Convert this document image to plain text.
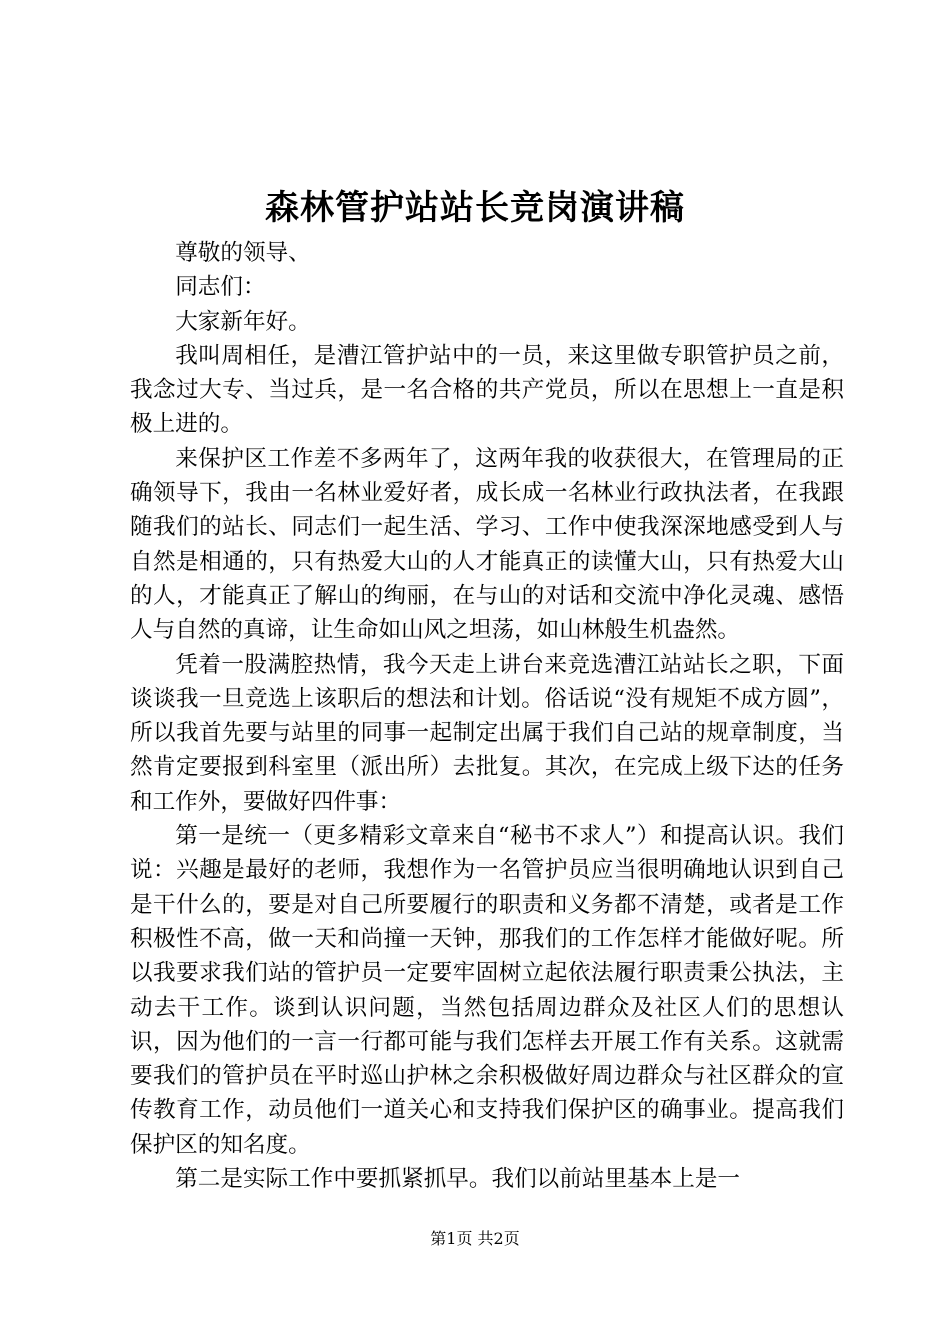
森林管护站站长竞岗演讲稿

尊敬的领导、

同志们：

大家新年好。

我叫周相任，是漕江管护站中的一员，来这里做专职管护员之前，我念过大专、当过兵，是一名合格的共产党员，所以在思想上一直是积极上进的。

来保护区工作差不多两年了，这两年我的收获很大，在管理局的正确领导下，我由一名林业爱好者，成长成一名林业行政执法者，在我跟随我们的站长、同志们一起生活、学习、工作中使我深深地感受到人与自然是相通的，只有热爱大山的人才能真正的读懂大山，只有热爱大山的人，才能真正了解山的绚丽，在与山的对话和交流中净化灵魂、感悟人与自然的真谛，让生命如山风之坦荡，如山林般生机盎然。

凭着一股满腔热情，我今天走上讲台来竞选漕江站站长之职，下面谈谈我一旦竞选上该职后的想法和计划。俗话说“没有规矩不成方圆”，所以我首先要与站里的同事一起制定出属于我们自己站的规章制度，当然肯定要报到科室里（派出所）去批复。其次，在完成上级下达的任务和工作外，要做好四件事：

第一是统一（更多精彩文章来自“秘书不求人”）和提高认识。我们说：兴趣是最好的老师，我想作为一名管护员应当很明确地认识到自己是干什么的，要是对自己所要履行的职责和义务都不清楚，或者是工作积极性不高，做一天和尚撞一天钟，那我们的工作怎样才能做好呢。所以我要求我们站的管护员一定要牢固树立起依法履行职责秉公执法，主动去干工作。谈到认识问题，当然包括周边群众及社区人们的思想认识，因为他们的一言一行都可能与我们怎样去开展工作有关系。这就需要我们的管护员在平时巡山护林之余积极做好周边群众与社区群众的宣传教育工作，动员他们一道关心和支持我们保护区的确事业。提高我们保护区的知名度。

第二是实际工作中要抓紧抓早。我们以前站里基本上是一

第1页 共2页
